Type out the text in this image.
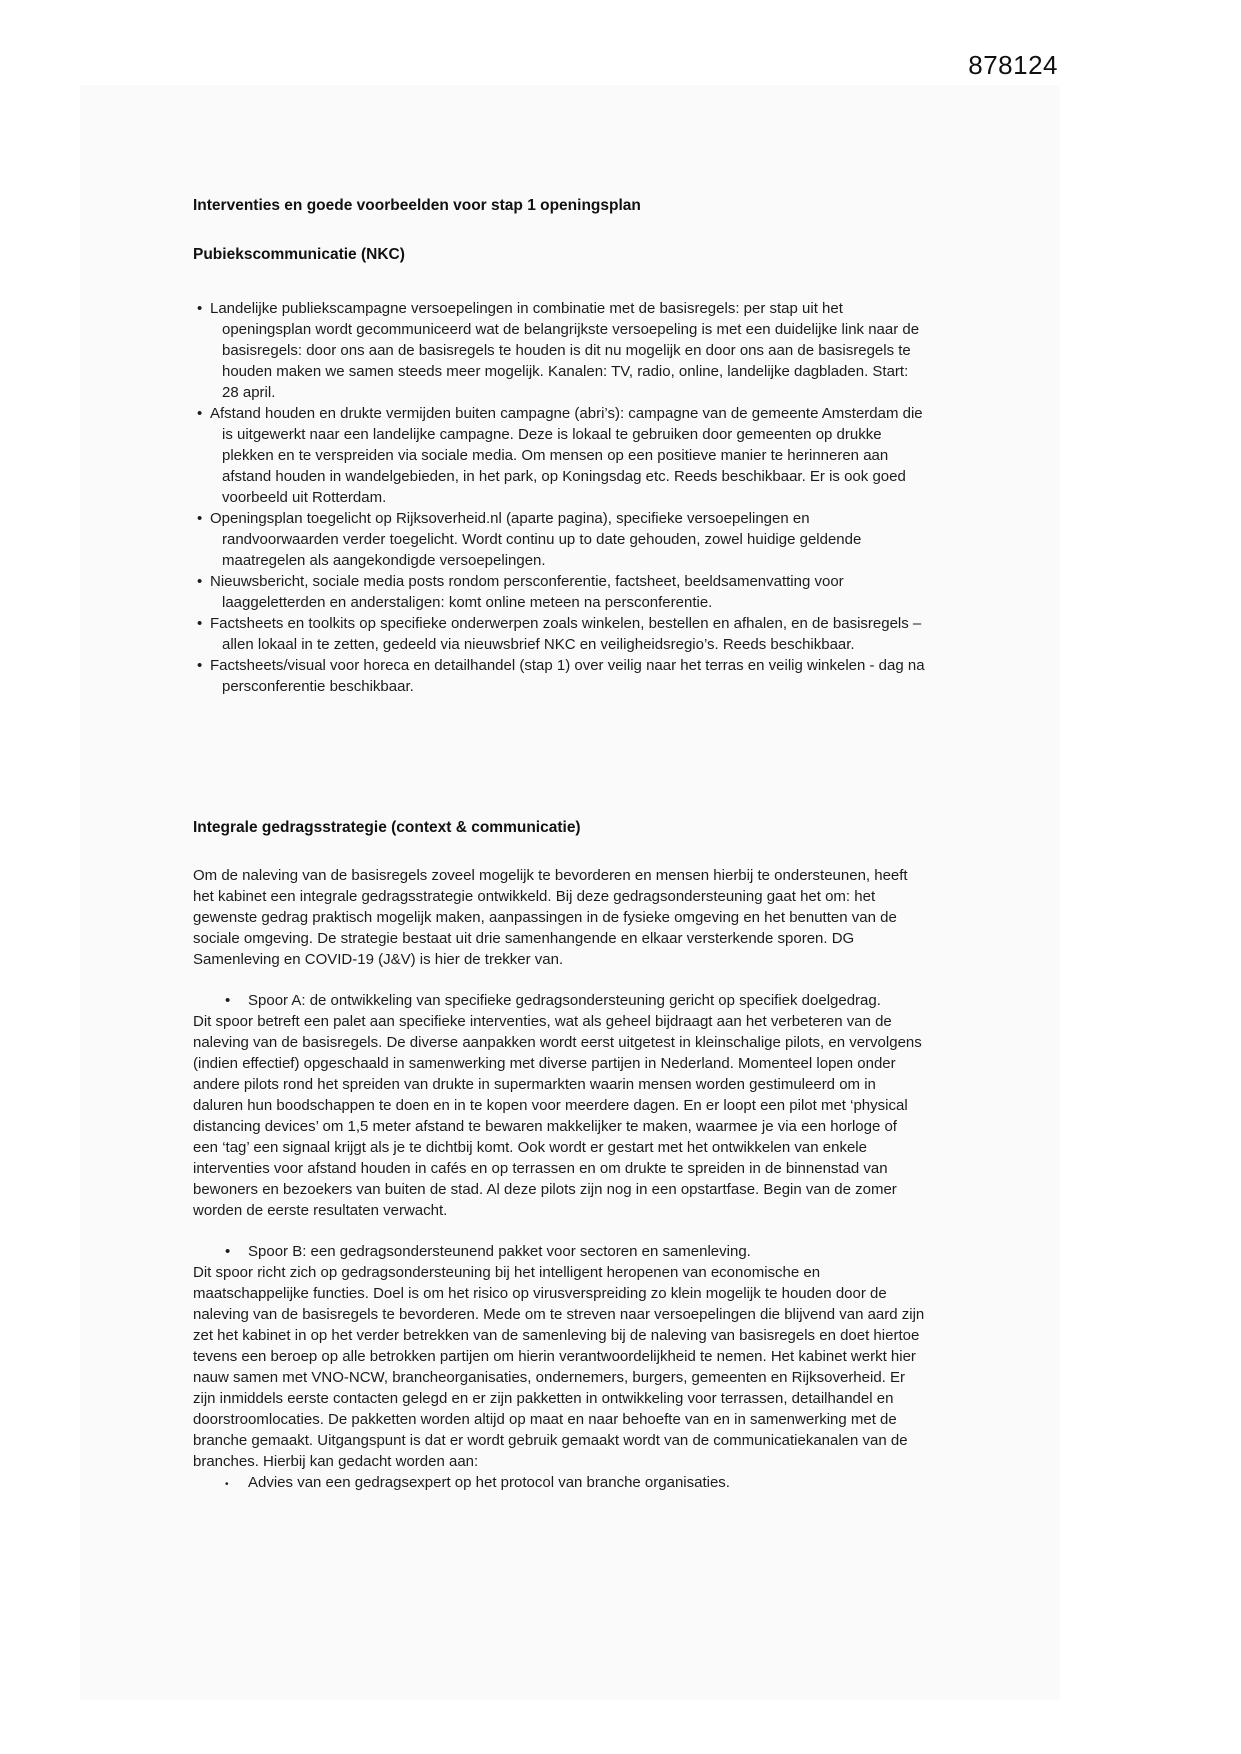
878124
Interventies en goede voorbeelden voor stap 1 openingsplan
Pubiekscommunicatie (NKC)
• Landelijke publiekscampagne versoepelingen in combinatie met de basisregels: per stap uit het openingsplan wordt gecommuniceerd wat de belangrijkste versoepeling is met een duidelijke link naar de basisregels: door ons aan de basisregels te houden is dit nu mogelijk en door ons aan de basisregels te houden maken we samen steeds meer mogelijk. Kanalen: TV, radio, online, landelijke dagbladen. Start: 28 april.
• Afstand houden en drukte vermijden buiten campagne (abri’s): campagne van de gemeente Amsterdam die is uitgewerkt naar een landelijke campagne. Deze is lokaal te gebruiken door gemeenten op drukke plekken en te verspreiden via sociale media. Om mensen op een positieve manier te herinneren aan afstand houden in wandelgebieden, in het park, op Koningsdag etc. Reeds beschikbaar. Er is ook goed voorbeeld uit Rotterdam.
• Openingsplan toegelicht op Rijksoverheid.nl (aparte pagina), specifieke versoepelingen en randvoorwaarden verder toegelicht. Wordt continu up to date gehouden, zowel huidige geldende maatregelen als aangekondigde versoepelingen.
• Nieuwsbericht, sociale media posts rondom persconferentie, factsheet, beeldsamenvatting voor laaggeletterden en anderstaligen: komt online meteen na persconferentie.
• Factsheets en toolkits op specifieke onderwerpen zoals winkelen, bestellen en afhalen, en de basisregels – allen lokaal in te zetten, gedeeld via nieuwsbrief NKC en veiligheidsregio’s. Reeds beschikbaar.
• Factsheets/visual voor horeca en detailhandel (stap 1) over veilig naar het terras en veilig winkelen - dag na persconferentie beschikbaar.
Integrale gedragsstrategie (context & communicatie)

Om de naleving van de basisregels zoveel mogelijk te bevorderen en mensen hierbij te ondersteunen, heeft het kabinet een integrale gedragsstrategie ontwikkeld. Bij deze gedragsondersteuning gaat het om: het gewenste gedrag praktisch mogelijk maken, aanpassingen in de fysieke omgeving en het benutten van de sociale omgeving. De strategie bestaat uit drie samenhangende en elkaar versterkende sporen. DG Samenleving en COVID-19 (J&V) is hier de trekker van.

• Spoor A: de ontwikkeling van specifieke gedragsondersteuning gericht op specifiek doelgedrag.

Dit spoor betreft een palet aan specifieke interventies, wat als geheel bijdraagt aan het verbeteren van de naleving van de basisregels. De diverse aanpakken wordt eerst uitgetest in kleinschalige pilots, en vervolgens (indien effectief) opgeschaald in samenwerking met diverse partijen in Nederland. Momenteel lopen onder andere pilots rond het spreiden van drukte in supermarkten waarin mensen worden gestimuleerd om in daluren hun boodschappen te doen en in te kopen voor meerdere dagen. En er loopt een pilot met ‘physical distancing devices’ om 1,5 meter afstand te bewaren makkelijker te maken, waarmee je via een horloge of een ‘tag’ een signaal krijgt als je te dichtbij komt. Ook wordt er gestart met het ontwikkelen van enkele interventies voor afstand houden in cafés en op terrassen en om drukte te spreiden in de binnenstad van bewoners en bezoekers van buiten de stad. Al deze pilots zijn nog in een opstartfase. Begin van de zomer worden de eerste resultaten verwacht.

• Spoor B: een gedragsondersteunend pakket voor sectoren en samenleving.

Dit spoor richt zich op gedragsondersteuning bij het intelligent heropenen van economische en maatschappelijke functies. Doel is om het risico op virusverspreiding zo klein mogelijk te houden door de naleving van de basisregels te bevorderen. Mede om te streven naar versoepelingen die blijvend van aard zijn zet het kabinet in op het verder betrekken van de samenleving bij de naleving van basisregels en doet hiertoe tevens een beroep op alle betrokken partijen om hierin verantwoordelijkheid te nemen. Het kabinet werkt hier nauw samen met VNO-NCW, brancheorganisaties, ondernemers, burgers, gemeenten en Rijksoverheid. Er zijn inmiddels eerste contacten gelegd en er zijn pakketten in ontwikkeling voor terrassen, detailhandel en doorstroomlocaties. De pakketten worden altijd op maat en naar behoefte van en in samenwerking met de branche gemaakt. Uitgangspunt is dat er wordt gebruik gemaakt wordt van de communicatiekanalen van de branches. Hierbij kan gedacht worden aan:

• Advies van een gedragsexpert op het protocol van branche organisaties.
